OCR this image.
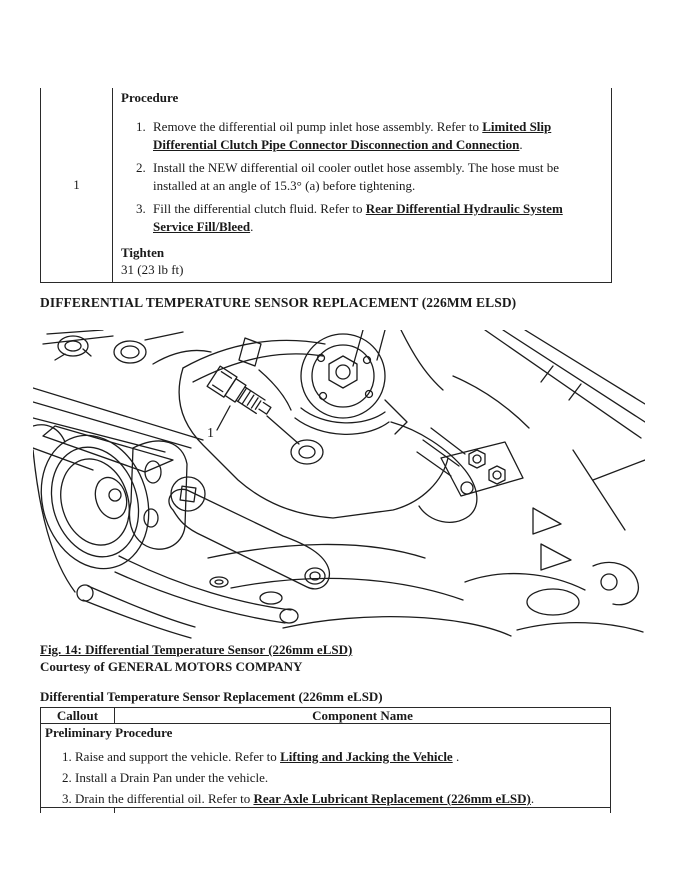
1
Procedure
1. Remove the differential oil pump inlet hose assembly. Refer to Limited Slip Differential Clutch Pipe Connector Disconnection and Connection.
2. Install the NEW differential oil cooler outlet hose assembly. The hose must be installed at an angle of 15.3° (a) before tightening.
3. Fill the differential clutch fluid. Refer to Rear Differential Hydraulic System Service Fill/Bleed.
Tighten
31 (23 lb ft)
DIFFERENTIAL TEMPERATURE SENSOR REPLACEMENT (226MM ELSD)
1
Fig. 14: Differential Temperature Sensor (226mm eLSD)
Courtesy of GENERAL MOTORS COMPANY
Differential Temperature Sensor Replacement (226mm eLSD)
Callout	Component Name
Preliminary Procedure
1. Raise and support the vehicle. Refer to Lifting and Jacking the Vehicle .
2. Install a Drain Pan under the vehicle.
3. Drain the differential oil. Refer to Rear Axle Lubricant Replacement (226mm eLSD).
